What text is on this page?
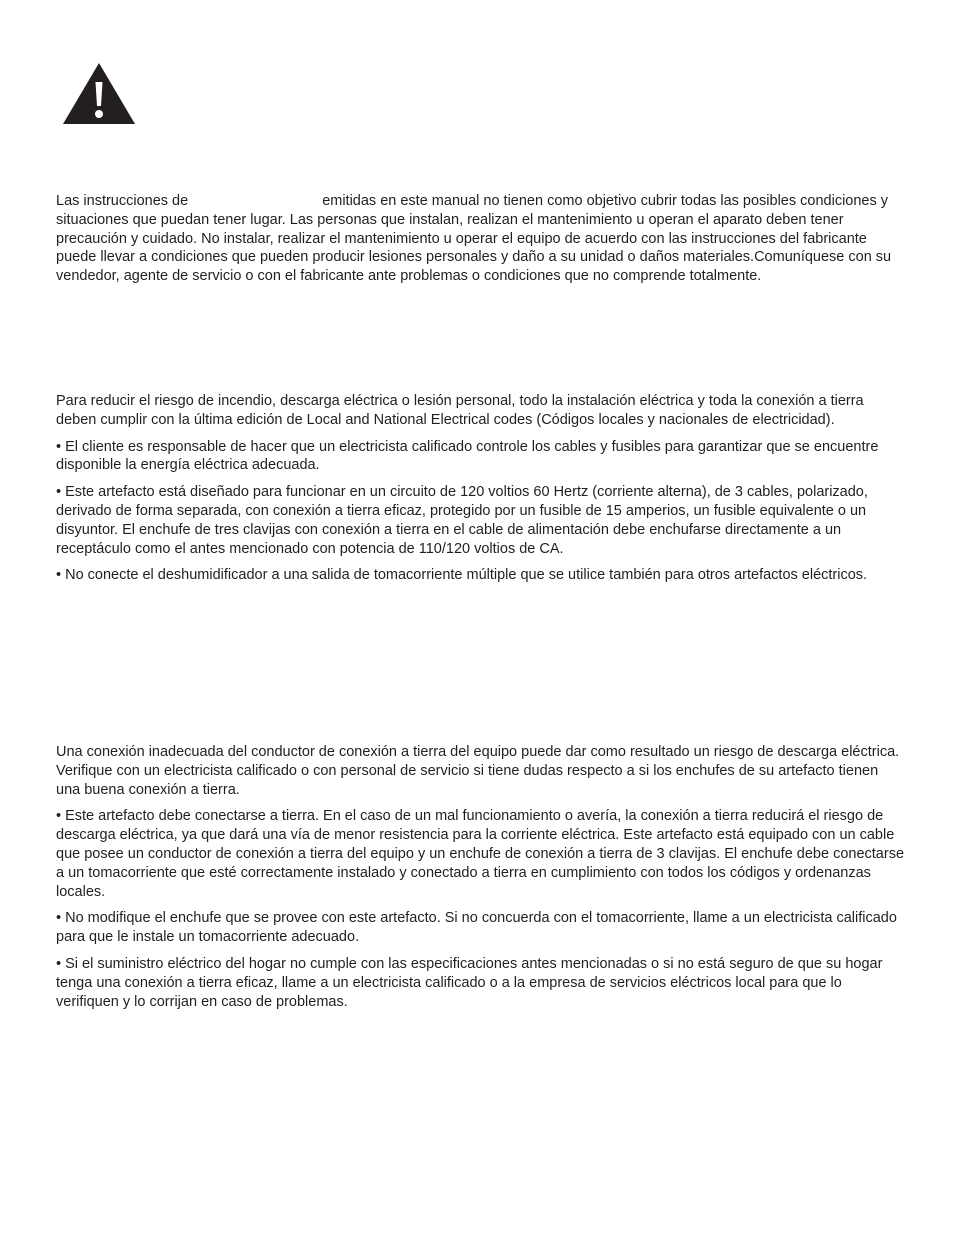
Las instrucciones de	emitidas en este manual no tienen como objetivo cubrir todas las posibles condiciones y situaciones que puedan tener lugar. Las personas que instalan, realizan el mantenimiento u operan el aparato deben tener precaución y cuidado. No instalar, realizar el mantenimiento u operar el equipo de acuerdo con las instrucciones del fabricante puede llevar a condiciones que pueden producir lesiones personales y daño a su unidad o daños materiales.Comuníquese con su vendedor, agente de servicio o con el fabricante ante problemas o condiciones que no comprende totalmente.

Para reducir el riesgo de incendio, descarga eléctrica o lesión personal, todo la instalación eléctrica y toda la conexión a tierra deben cumplir con la última edición de Local and National Electrical codes (Códigos locales y nacionales de electricidad).

• El cliente es responsable de hacer que un electricista calificado controle los cables y fusibles para garantizar que se encuentre disponible la energía eléctrica adecuada.

• Este artefacto está diseñado para funcionar en un circuito de 120 voltios 60 Hertz (corriente alterna), de 3 cables, polarizado, derivado de forma separada, con conexión a tierra eficaz, protegido por un fusible de 15 amperios, un fusible equivalente o un disyuntor. El enchufe de tres clavijas con conexión a tierra en el cable de alimentación debe enchufarse directamente a un receptáculo como el antes mencionado con potencia de 110/120 voltios de CA.

• No conecte el deshumidificador a una salida de tomacorriente múltiple que se utilice también para otros artefactos eléctricos.

Una conexión inadecuada del conductor de conexión a tierra del equipo puede dar como resultado un riesgo de descarga eléctrica. Verifique con un electricista calificado o con personal de servicio si tiene dudas respecto a si los enchufes de su artefacto tienen una buena conexión a tierra.

• Este artefacto debe conectarse a tierra. En el caso de un mal funcionamiento o avería, la conexión a tierra reducirá el riesgo de descarga eléctrica, ya que dará una vía de menor resistencia para la corriente eléctrica. Este artefacto está equipado con un cable que posee un conductor de conexión a tierra del equipo y un enchufe de conexión a tierra de 3 clavijas. El enchufe debe conectarse a un tomacorriente que esté correctamente instalado y conectado a tierra en cumplimiento con todos los códigos y ordenanzas locales.

• No modifique el enchufe que se provee con este artefacto. Si no concuerda con el tomacorriente, llame a un electricista calificado para que le instale un tomacorriente adecuado.

• Si el suministro eléctrico del hogar no cumple con las especificaciones antes mencionadas o si no está seguro de que su hogar tenga una conexión a tierra eficaz, llame a un electricista calificado o a la empresa de servicios eléctricos local para que lo verifiquen y lo corrijan en caso de problemas.
